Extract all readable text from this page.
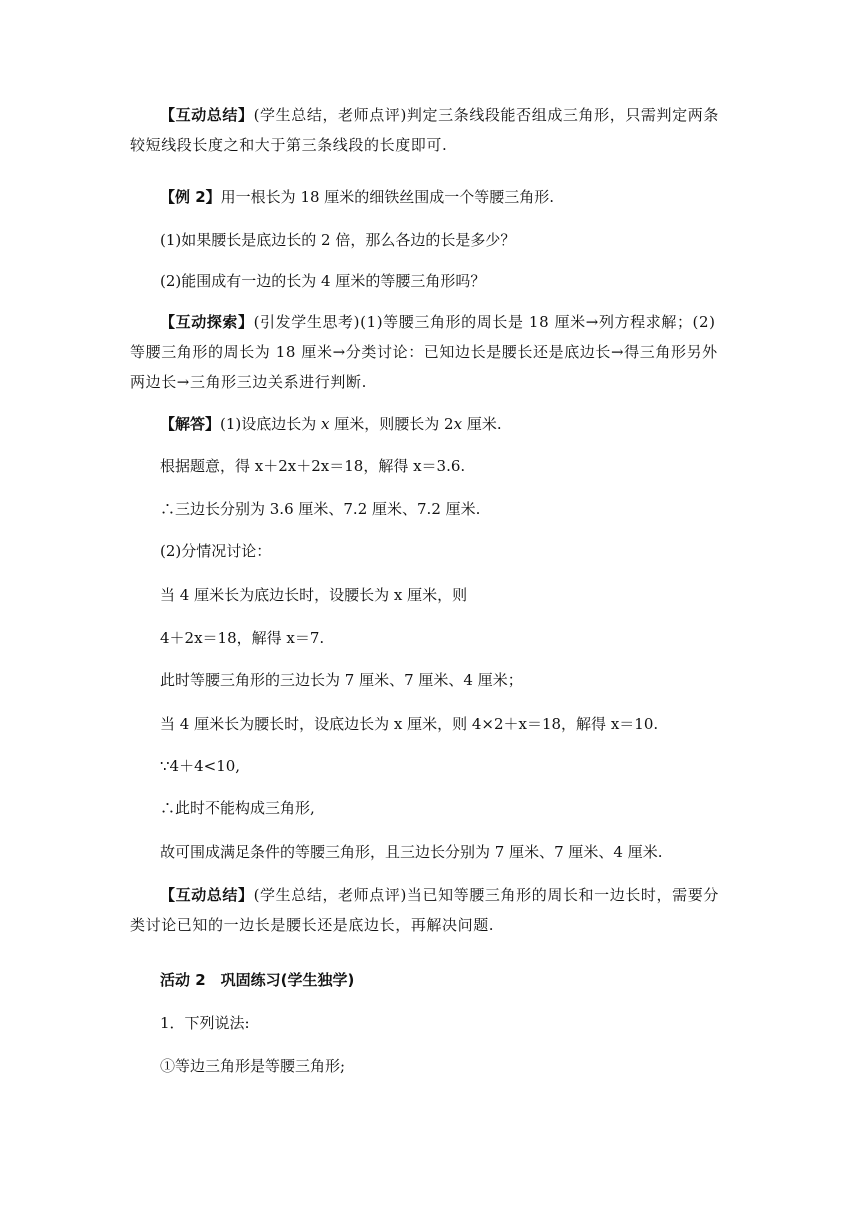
【互动总结】(学生总结，老师点评)判定三条线段能否组成三角形，只需判定两条较短线段长度之和大于第三条线段的长度即可.
【例 2】用一根长为 18 厘米的细铁丝围成一个等腰三角形.
(1)如果腰长是底边长的 2 倍，那么各边的长是多少？
(2)能围成有一边的长为 4 厘米的等腰三角形吗？
【互动探索】(引发学生思考)(1)等腰三角形的周长是 18 厘米→列方程求解；(2)等腰三角形的周长为 18 厘米→分类讨论：已知边长是腰长还是底边长→得三角形另外两边长→三角形三边关系进行判断.
【解答】(1)设底边长为 x 厘米，则腰长为 2x 厘米.
根据题意，得 x＋2x＋2x＝18，解得 x＝3.6.
∴三边长分别为 3.6 厘米、7.2 厘米、7.2 厘米.
(2)分情况讨论：
当 4 厘米长为底边长时，设腰长为 x 厘米，则
4＋2x＝18，解得 x＝7.
此时等腰三角形的三边长为 7 厘米、7 厘米、4 厘米；
当 4 厘米长为腰长时，设底边长为 x 厘米，则 4×2＋x＝18，解得 x＝10.
∵4＋4<10,
∴此时不能构成三角形,
故可围成满足条件的等腰三角形，且三边长分别为 7 厘米、7 厘米、4 厘米.
【互动总结】(学生总结，老师点评)当已知等腰三角形的周长和一边长时，需要分类讨论已知的一边长是腰长还是底边长，再解决问题.
活动 2　巩固练习(学生独学)
1．下列说法:
①等边三角形是等腰三角形;
